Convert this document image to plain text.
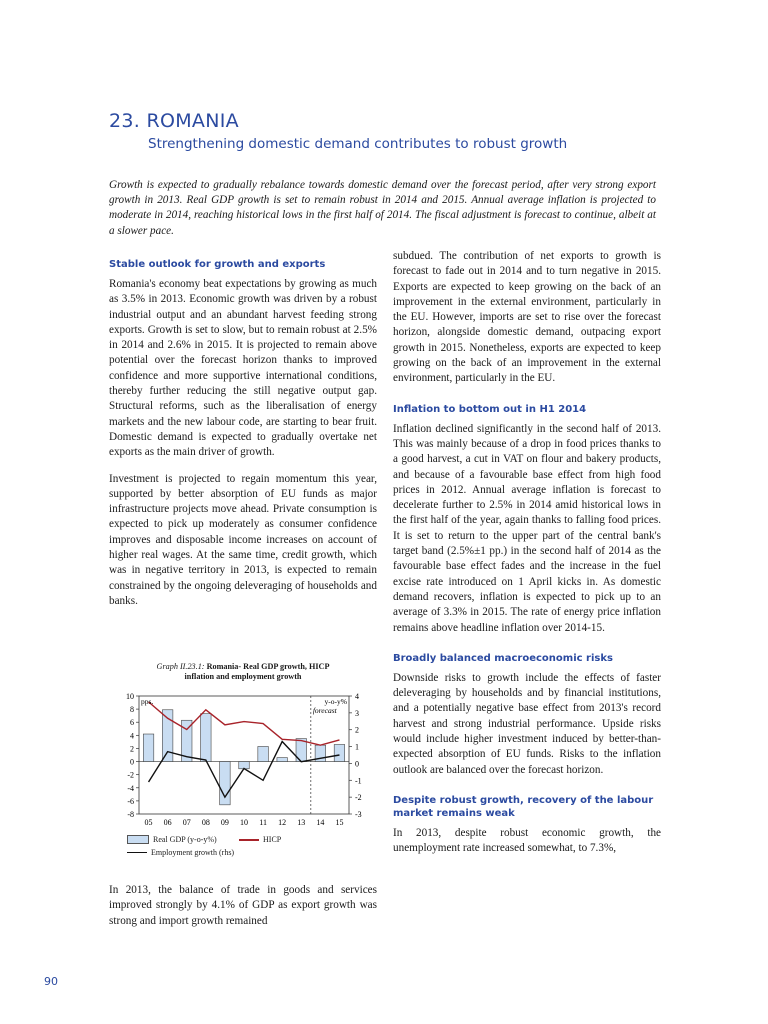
23. ROMANIA
Strengthening domestic demand contributes to robust growth

Growth is expected to gradually rebalance towards domestic demand over the forecast period, after very strong export growth in 2013. Real GDP growth is set to remain robust in 2014 and 2015. Annual average inflation is projected to moderate in 2014, reaching historical lows in the first half of 2014. The fiscal adjustment is forecast to continue, albeit at a slower pace.

Stable outlook for growth and exports

Romania's economy beat expectations by growing as much as 3.5% in 2013. Economic growth was driven by a robust industrial output and an abundant harvest feeding strong exports. Growth is set to slow, but to remain robust at 2.5% in 2014 and 2.6% in 2015. It is projected to remain above potential over the forecast horizon thanks to improved confidence and more supportive international conditions, thereby further reducing the still negative output gap. Structural reforms, such as the liberalisation of energy markets and the new labour code, are starting to bear fruit. Domestic demand is expected to gradually overtake net exports as the main driver of growth.

Investment is projected to regain momentum this year, supported by better absorption of EU funds as major infrastructure projects move ahead. Private consumption is expected to pick up moderately as consumer confidence improves and disposable income increases on account of higher real wages. At the same time, credit growth, which was in negative territory in 2013, is expected to remain constrained by the ongoing deleveraging of households and banks.

Graph II.23.1: Romania- Real GDP growth, HICP
inflation and employment growth

10
8
6
4
2
0
-2
-4
-6
-8
4
3
2
1
0
-1
-2
-3
forecast
pps.	y-o-y%
05 06 07 08 09 10 11 12 13 14 15
Real GDP (y-o-y%)	HICP
Employment growth (rhs)

In 2013, the balance of trade in goods and services improved strongly by 4.1% of GDP as export growth was strong and import growth remained

subdued. The contribution of net exports to growth is forecast to fade out in 2014 and to turn negative in 2015. Exports are expected to keep growing on the back of an improvement in the external environment, particularly in the EU. However, imports are set to rise over the forecast horizon, alongside domestic demand, outpacing export growth in 2015. Nonetheless, exports are expected to keep growing on the back of an improvement in the external environment, particularly in the EU.

Inflation to bottom out in H1 2014

Inflation declined significantly in the second half of 2013. This was mainly because of a drop in food prices thanks to a good harvest, a cut in VAT on flour and bakery products, and because of a favourable base effect from high food prices in 2012. Annual average inflation is forecast to decelerate further to 2.5% in 2014 amid historical lows in the first half of the year, again thanks to falling food prices. It is set to return to the upper part of the central bank's target band (2.5%±1 pp.) in the second half of 2014 as the favourable base effect fades and the increase in the fuel excise rate introduced on 1 April kicks in. As domestic demand recovers, inflation is expected to pick up to an average of 3.3% in 2015. The rate of energy price inflation remains above headline inflation over 2014-15.

Broadly balanced macroeconomic risks

Downside risks to growth include the effects of faster deleveraging by households and by financial institutions, and a potentially negative base effect from 2013's record harvest and strong industrial performance. Upside risks would include higher investment induced by better-than-expected absorption of EU funds. Risks to the inflation outlook are balanced over the forecast horizon.

Despite robust growth, recovery of the labour market remains weak

In 2013, despite robust economic growth, the unemployment rate increased somewhat, to 7.3%,

90
